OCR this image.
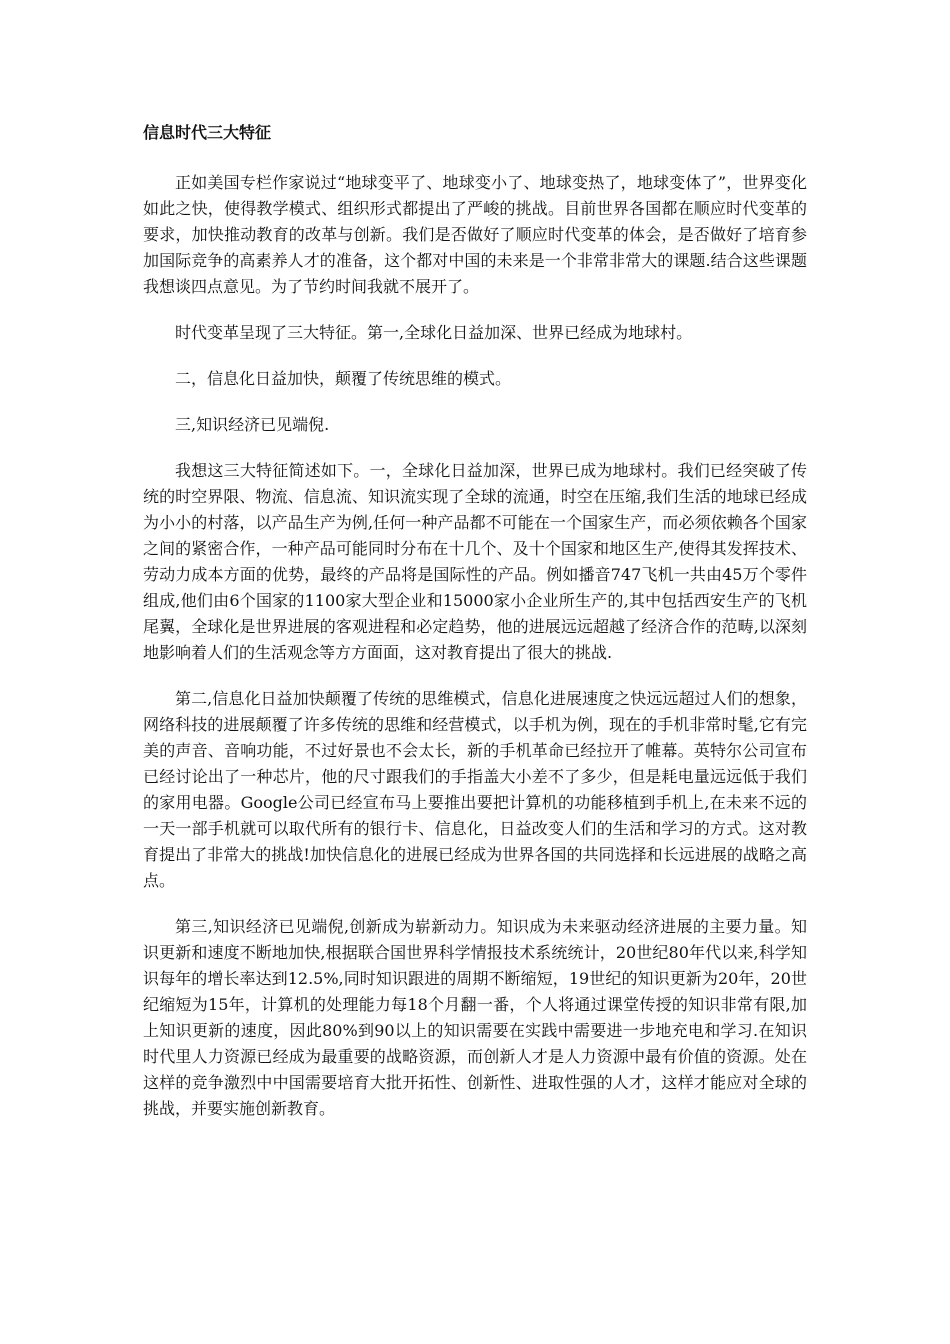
信息时代三大特征

正如美国专栏作家说过“地球变平了、地球变小了、地球变热了，地球变体了”，世界变化如此之快，使得教学模式、组织形式都提出了严峻的挑战。目前世界各国都在顺应时代变革的要求，加快推动教育的改革与创新。我们是否做好了顺应时代变革的体会，是否做好了培育参加国际竞争的高素养人才的准备，这个都对中国的未来是一个非常非常大的课题.结合这些课题我想谈四点意见。为了节约时间我就不展开了。

时代变革呈现了三大特征。第一,全球化日益加深、世界已经成为地球村。

二，信息化日益加快，颠覆了传统思维的模式。

三,知识经济已见端倪.

我想这三大特征简述如下。一，全球化日益加深，世界已成为地球村。我们已经突破了传统的时空界限、物流、信息流、知识流实现了全球的流通，时空在压缩,我们生活的地球已经成为小小的村落，以产品生产为例,任何一种产品都不可能在一个国家生产，而必须依赖各个国家之间的紧密合作，一种产品可能同时分布在十几个、及十个国家和地区生产,使得其发挥技术、劳动力成本方面的优势，最终的产品将是国际性的产品。例如播音747飞机一共由45万个零件组成,他们由6个国家的1100家大型企业和15000家小企业所生产的,其中包括西安生产的飞机尾翼，全球化是世界进展的客观进程和必定趋势，他的进展远远超越了经济合作的范畴,以深刻地影响着人们的生活观念等方方面面，这对教育提出了很大的挑战.

第二,信息化日益加快颠覆了传统的思维模式，信息化进展速度之快远远超过人们的想象，网络科技的进展颠覆了许多传统的思维和经营模式，以手机为例，现在的手机非常时髦,它有完美的声音、音响功能，不过好景也不会太长，新的手机革命已经拉开了帷幕。英特尔公司宣布已经讨论出了一种芯片，他的尺寸跟我们的手指盖大小差不了多少，但是耗电量远远低于我们的家用电器。Google公司已经宣布马上要推出要把计算机的功能移植到手机上,在未来不远的一天一部手机就可以取代所有的银行卡、信息化，日益改变人们的生活和学习的方式。这对教育提出了非常大的挑战!加快信息化的进展已经成为世界各国的共同选择和长远进展的战略之高点。

第三,知识经济已见端倪,创新成为崭新动力。知识成为未来驱动经济进展的主要力量。知识更新和速度不断地加快,根据联合国世界科学情报技术系统统计，20世纪80年代以来,科学知识每年的增长率达到12.5%,同时知识跟进的周期不断缩短，19世纪的知识更新为20年，20世纪缩短为15年，计算机的处理能力每18个月翻一番，个人将通过课堂传授的知识非常有限,加上知识更新的速度，因此80%到90以上的知识需要在实践中需要进一步地充电和学习.在知识时代里人力资源已经成为最重要的战略资源，而创新人才是人力资源中最有价值的资源。处在这样的竞争激烈中中国需要培育大批开拓性、创新性、进取性强的人才，这样才能应对全球的挑战，并要实施创新教育。
